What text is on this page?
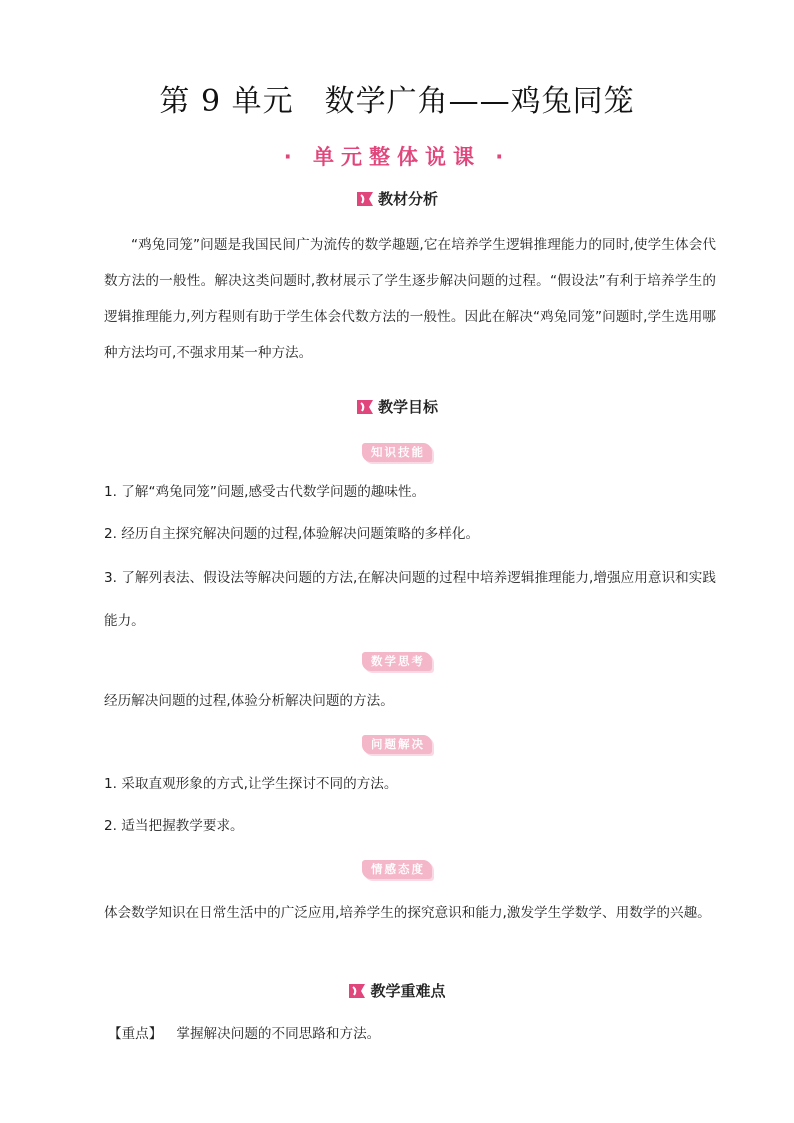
第 9 单元　数学广角——鸡兔同笼
· 单元整体说课 ·
教材分析

“鸡兔同笼”问题是我国民间广为流传的数学趣题,它在培养学生逻辑推理能力的同时,使学生体会代数方法的一般性。解决这类问题时,教材展示了学生逐步解决问题的过程。“假设法”有利于培养学生的逻辑推理能力,列方程则有助于学生体会代数方法的一般性。因此在解决“鸡兔同笼”问题时,学生选用哪种方法均可,不强求用某一种方法。

教学目标
知识技能
1. 了解“鸡兔同笼”问题,感受古代数学问题的趣味性。
2. 经历自主探究解决问题的过程,体验解决问题策略的多样化。

3. 了解列表法、假设法等解决问题的方法,在解决问题的过程中培养逻辑推理能力,增强应用意识和实践能力。

数学思考
经历解决问题的过程,体验分析解决问题的方法。
问题解决
1. 采取直观形象的方式,让学生探讨不同的方法。
2. 适当把握教学要求。
情感态度

体会数学知识在日常生活中的广泛应用,培养学生的探究意识和能力,激发学生学数学、用数学的兴趣。

教学重难点
【重点】 掌握解决问题的不同思路和方法。
